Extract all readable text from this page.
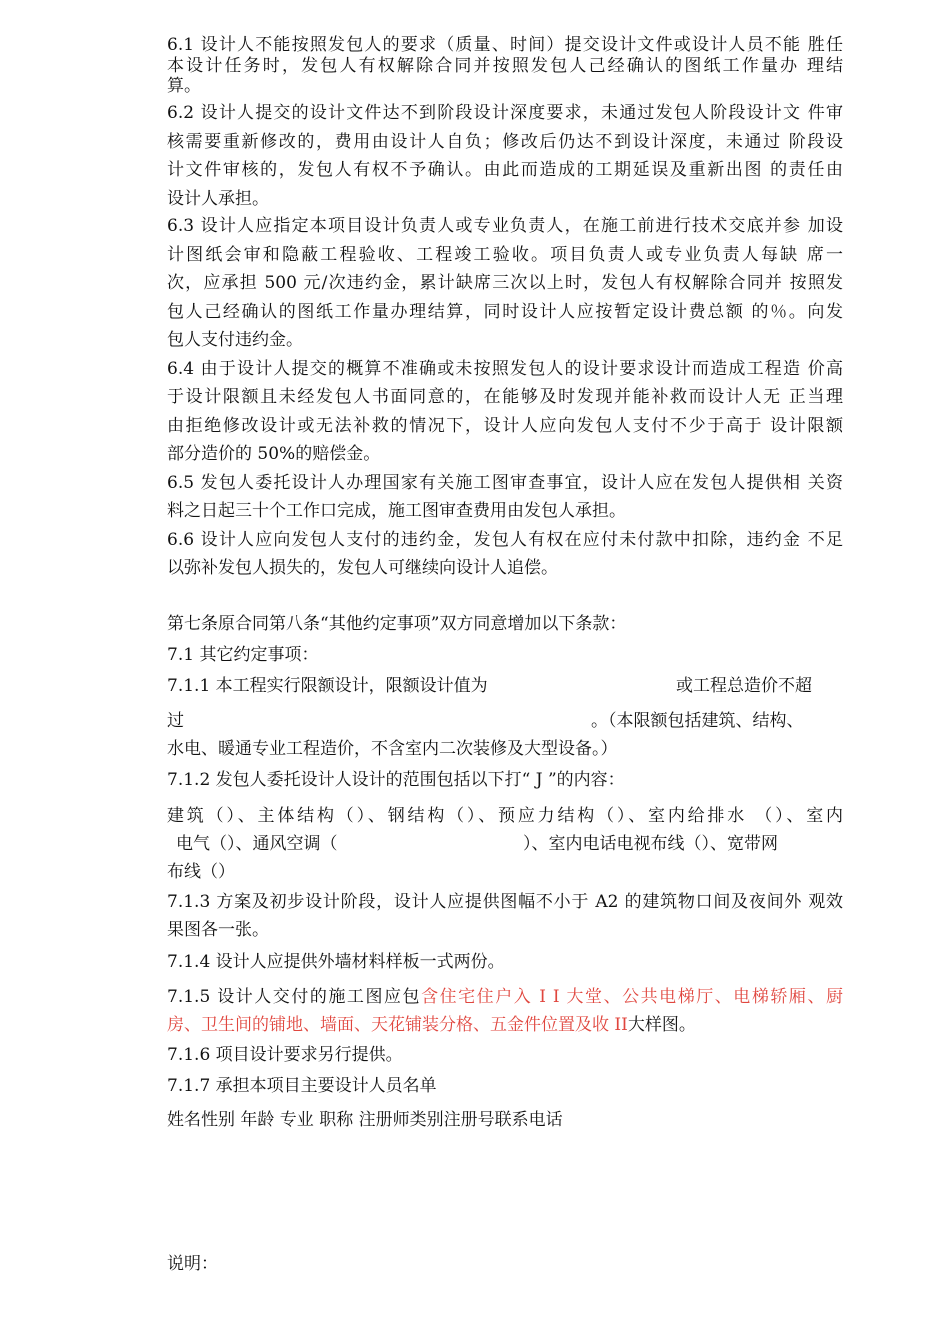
6.1 设计人不能按照发包人的要求（质量、时间）提交设计文件或设计人员不能 胜任
本设计任务时，发包人有权解除合同并按照发包人己经确认的图纸工作量办 理结
算。
6.2 设计人提交的设计文件达不到阶段设计深度要求，未通过发包人阶段设计文 件审
核需要重新修改的，费用由设计人自负；修改后仍达不到设计深度，未通过 阶段设
计文件审核的，发包人有权不予确认。由此而造成的工期延误及重新出图 的责任由
设计人承担。
6.3 设计人应指定本项目设计负责人或专业负责人，在施工前进行技术交底并参 加设
计图纸会审和隐蔽工程验收、工程竣工验收。项目负责人或专业负责人每缺 席一
次，应承担 500 元/次违约金，累计缺席三次以上时，发包人有权解除合同并 按照发
包人己经确认的图纸工作量办理结算，同时设计人应按暂定设计费总额 的％。向发
包人支付违约金。
6.4 由于设计人提交的概算不准确或未按照发包人的设计要求设计而造成工程造 价高
于设计限额且未经发包人书面同意的，在能够及时发现并能补救而设计人无 正当理
由拒绝修改设计或无法补救的情况下，设计人应向发包人支付不少于高于 设计限额
部分造价的 50%的赔偿金。
6.5 发包人委托设计人办理国家有关施工图审查事宜，设计人应在发包人提供相 关资
料之日起三十个工作口完成，施工图审查费用由发包人承担。
6.6 设计人应向发包人支付的违约金，发包人有权在应付未付款中扣除，违约金 不足
以弥补发包人损失的，发包人可继续向设计人追偿。
第七条原合同第八条“其他约定事项”双方同意增加以下条款：
7.1 其它约定事项：
7.1.1 本工程实行限额设计，限额设计值为	或工程总造价不超
过	。（本限额包括建筑、结构、
水电、暖通专业工程造价，不含室内二次装修及大型设备。）
7.1.2 发包人委托设计人设计的范围包括以下打“ J ”的内容：
建筑（）、主体结构（）、钢结构（）、预应力结构（）、室内给排水 （）、室内
电气（）、通风空调（	）、室内电话电视布线（）、宽带网
布线（）
7.1.3 方案及初步设计阶段，设计人应提供图幅不小于 A2 的建筑物口间及夜间外 观效
果图各一张。
7.1.4 设计人应提供外墙材料样板一式两份。
7.1.5 设计人交付的施工图应包含住宅住户入 I I 大堂、公共电梯厅、电梯轿厢、厨
房、卫生间的铺地、墙面、天花铺装分格、五金件位置及收 II大样图。
7.1.6 项目设计要求另行提供。
7.1.7 承担本项目主要设计人员名单
姓名性别 年龄 专业 职称 注册师类别注册号联系电话
说明：
